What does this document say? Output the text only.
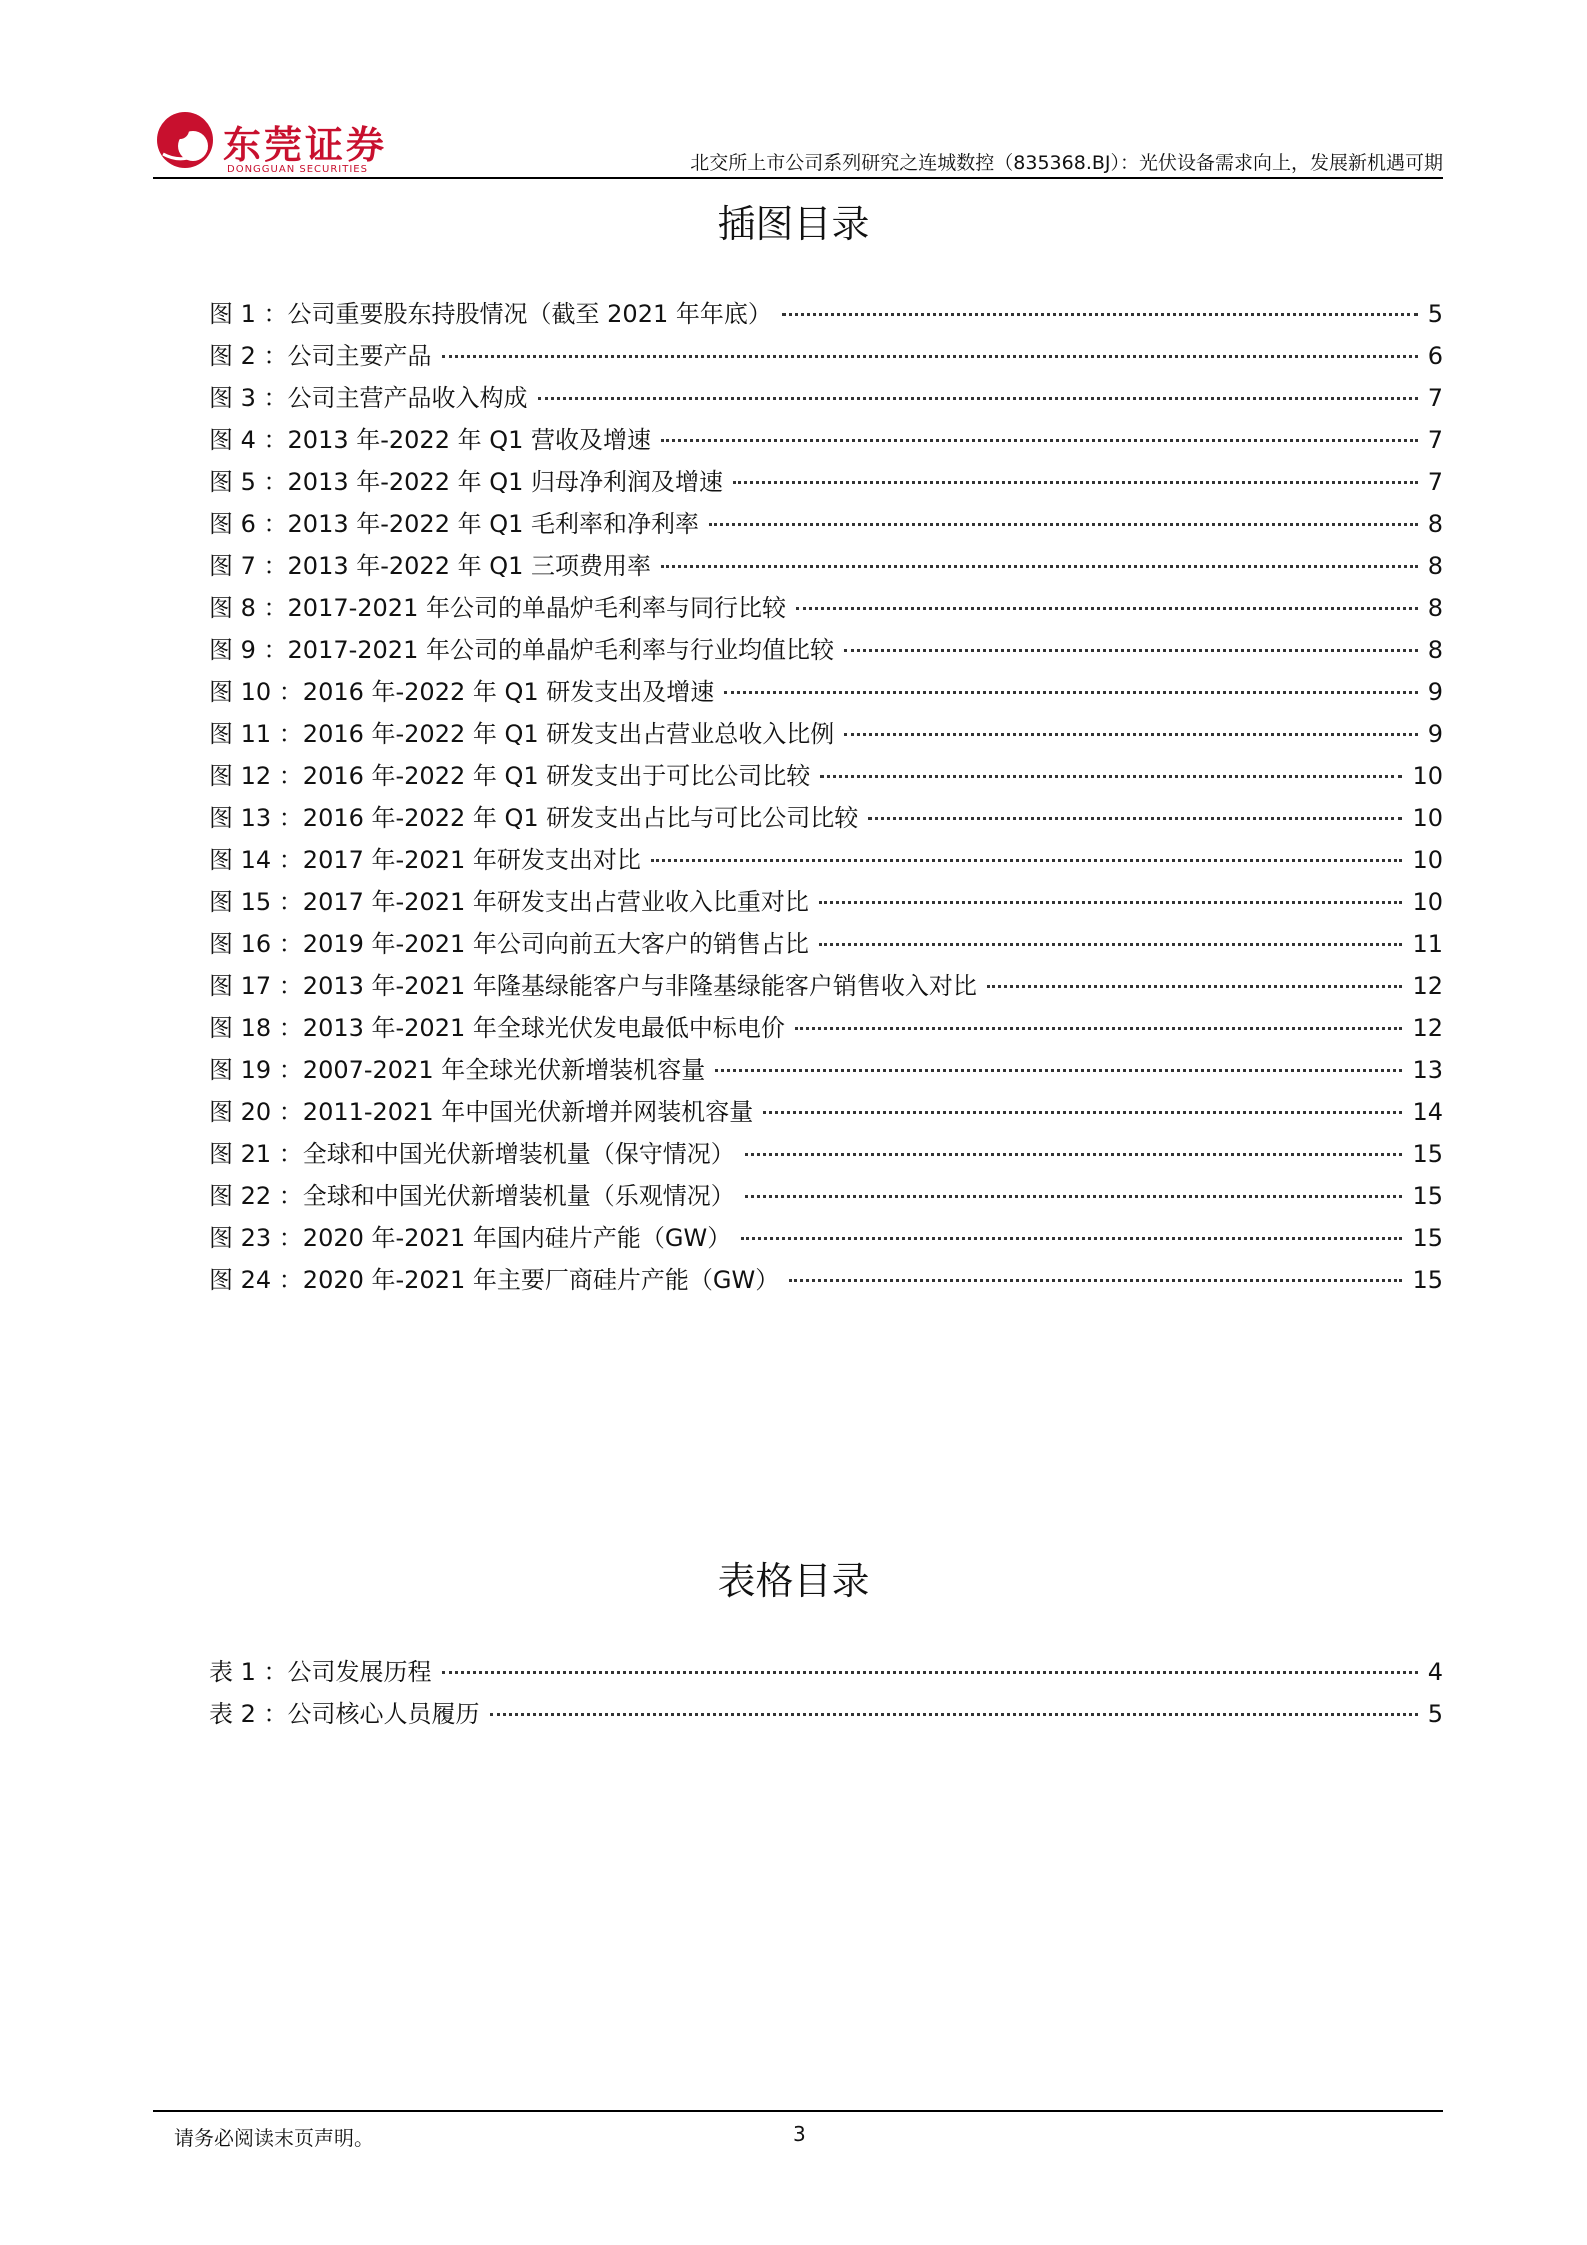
东莞证券
DONGGUAN SECURITIES	北交所上市公司系列研究之连城数控（835368.BJ）：光伏设备需求向上，发展新机遇可期
插图目录
图 1 ： 公司重要股东持股情况（截至 2021 年年底）	5
图 2 ： 公司主要产品	6
图 3 ： 公司主营产品收入构成	7
图 4 ： 2013 年-2022 年 Q1 营收及增速	7
图 5 ： 2013 年-2022 年 Q1 归母净利润及增速	7
图 6 ： 2013 年-2022 年 Q1 毛利率和净利率	8
图 7 ： 2013 年-2022 年 Q1 三项费用率	8
图 8 ： 2017-2021 年公司的单晶炉毛利率与同行比较	8
图 9 ： 2017-2021 年公司的单晶炉毛利率与行业均值比较	8
图 10 ： 2016 年-2022 年 Q1 研发支出及增速	9
图 11 ： 2016 年-2022 年 Q1 研发支出占营业总收入比例	9
图 12 ： 2016 年-2022 年 Q1 研发支出于可比公司比较	10
图 13 ： 2016 年-2022 年 Q1 研发支出占比与可比公司比较	10
图 14 ： 2017 年-2021 年研发支出对比	10
图 15 ： 2017 年-2021 年研发支出占营业收入比重对比	10
图 16 ： 2019 年-2021 年公司向前五大客户的销售占比	11
图 17 ： 2013 年-2021 年隆基绿能客户与非隆基绿能客户销售收入对比	12
图 18 ： 2013 年-2021 年全球光伏发电最低中标电价	12
图 19 ： 2007-2021 年全球光伏新增装机容量	13
图 20 ： 2011-2021 年中国光伏新增并网装机容量	14
图 21 ： 全球和中国光伏新增装机量（保守情况）	15
图 22 ： 全球和中国光伏新增装机量（乐观情况）	15
图 23 ： 2020 年-2021 年国内硅片产能（GW）	15
图 24 ： 2020 年-2021 年主要厂商硅片产能（GW）	15
表格目录
表 1 ： 公司发展历程	4
表 2 ： 公司核心人员履历	5
请务必阅读末页声明。	3
